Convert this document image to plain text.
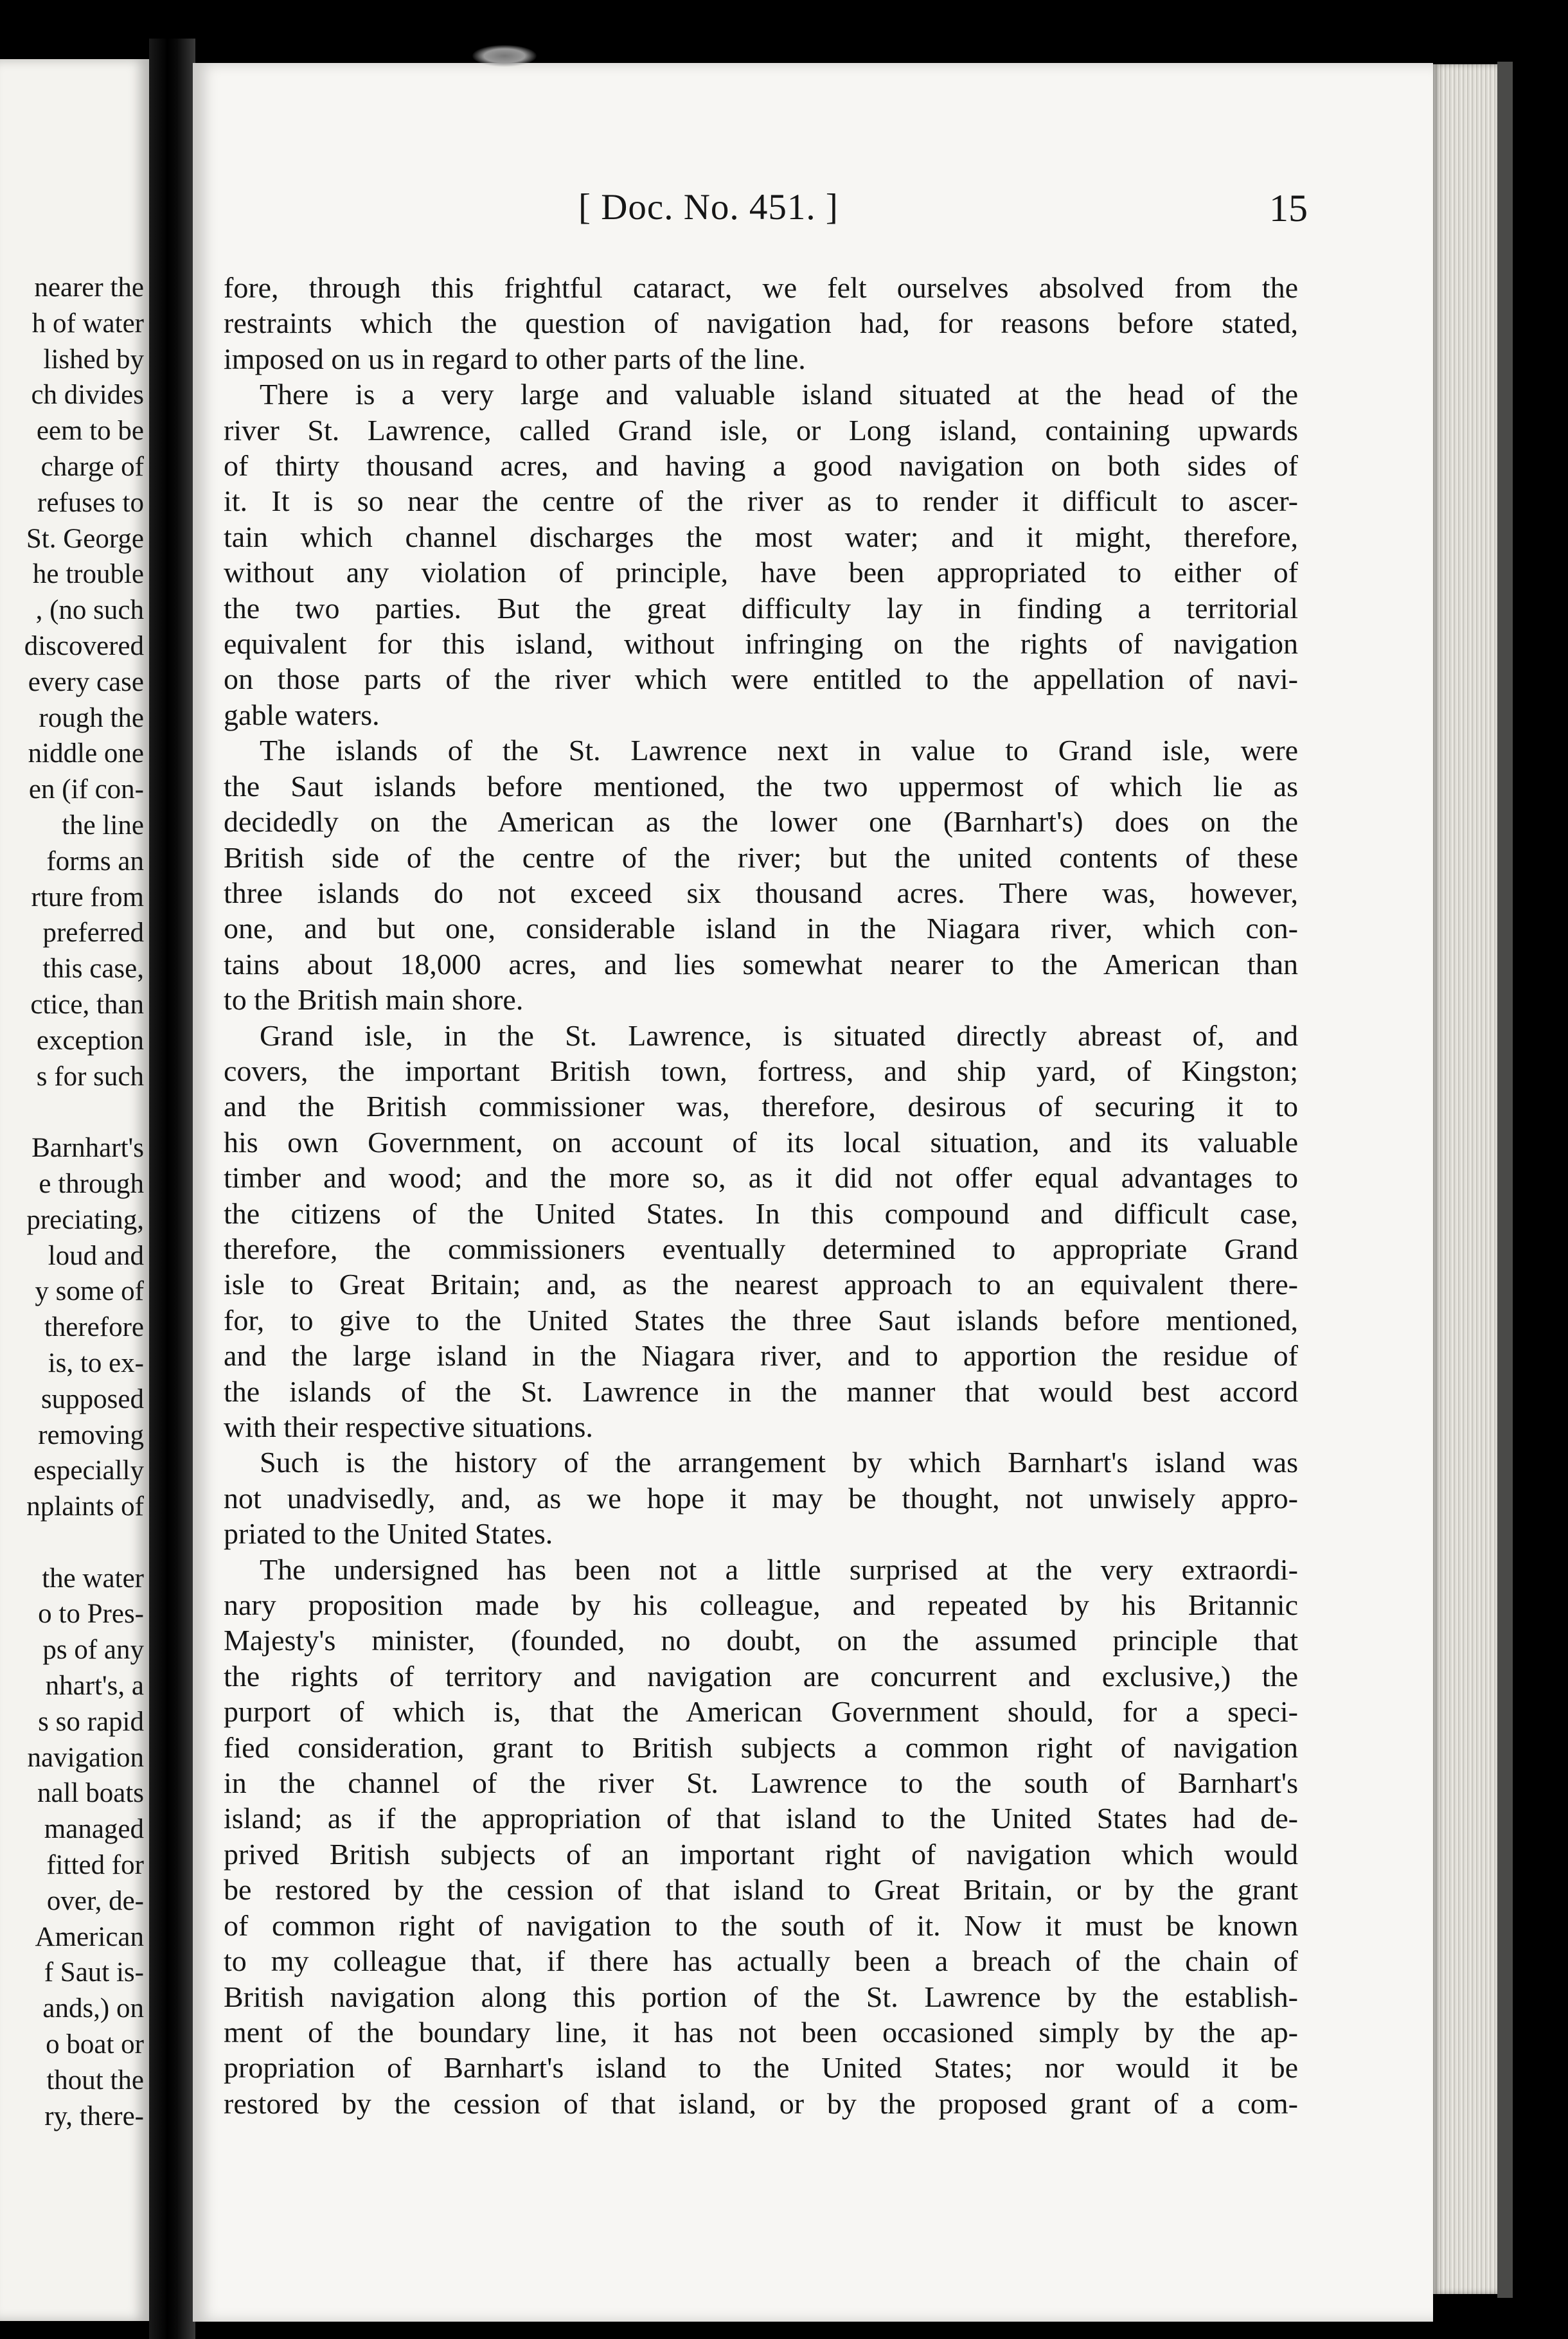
nearer the
h of water
lished by
ch divides
eem to be
charge of
refuses to
St. George
he trouble
, (no such
discovered
every case
rough the
niddle one
en (if con-
the line
forms an
rture from
preferred
this case,
ctice, than
exception
s for such
Barnhart's
e through
preciating,
loud and
y some of
therefore
is, to ex-
supposed
removing
especially
nplaints of
the water
o to Pres-
ps of any
nhart's, a
s so rapid
navigation
nall boats
managed
fitted for
over, de-
American
f Saut is-
ands,) on
o boat or
thout the
ry, there-
[ Doc. No. 451. ]	15

fore, through this frightful cataract, we felt ourselves absolved from the
restraints which the question of navigation had, for reasons before stated,
imposed on us in regard to other parts of the line.

There is a very large and valuable island situated at the head of the
river St. Lawrence, called Grand isle, or Long island, containing upwards
of thirty thousand acres, and having a good navigation on both sides of
it. It is so near the centre of the river as to render it difficult to ascer-
tain which channel discharges the most water; and it might, therefore,
without any violation of principle, have been appropriated to either of
the two parties. But the great difficulty lay in finding a territorial
equivalent for this island, without infringing on the rights of navigation
on those parts of the river which were entitled to the appellation of navi-
gable waters.

The islands of the St. Lawrence next in value to Grand isle, were
the Saut islands before mentioned, the two uppermost of which lie as
decidedly on the American as the lower one (Barnhart's) does on the
British side of the centre of the river; but the united contents of these
three islands do not exceed six thousand acres. There was, however,
one, and but one, considerable island in the Niagara river, which con-
tains about 18,000 acres, and lies somewhat nearer to the American than
to the British main shore.

Grand isle, in the St. Lawrence, is situated directly abreast of, and
covers, the important British town, fortress, and ship yard, of Kingston;
and the British commissioner was, therefore, desirous of securing it to
his own Government, on account of its local situation, and its valuable
timber and wood; and the more so, as it did not offer equal advantages to
the citizens of the United States. In this compound and difficult case,
therefore, the commissioners eventually determined to appropriate Grand
isle to Great Britain; and, as the nearest approach to an equivalent there-
for, to give to the United States the three Saut islands before mentioned,
and the large island in the Niagara river, and to apportion the residue of
the islands of the St. Lawrence in the manner that would best accord
with their respective situations.

Such is the history of the arrangement by which Barnhart's island was
not unadvisedly, and, as we hope it may be thought, not unwisely appro-
priated to the United States.

The undersigned has been not a little surprised at the very extraordi-
nary proposition made by his colleague, and repeated by his Britannic
Majesty's minister, (founded, no doubt, on the assumed principle that
the rights of territory and navigation are concurrent and exclusive,) the
purport of which is, that the American Government should, for a speci-
fied consideration, grant to British subjects a common right of navigation
in the channel of the river St. Lawrence to the south of Barnhart's
island; as if the appropriation of that island to the United States had de-
prived British subjects of an important right of navigation which would
be restored by the cession of that island to Great Britain, or by the grant
of common right of navigation to the south of it. Now it must be known
to my colleague that, if there has actually been a breach of the chain of
British navigation along this portion of the St. Lawrence by the establish-
ment of the boundary line, it has not been occasioned simply by the ap-
propriation of Barnhart's island to the United States; nor would it be
restored by the cession of that island, or by the proposed grant of a com-
